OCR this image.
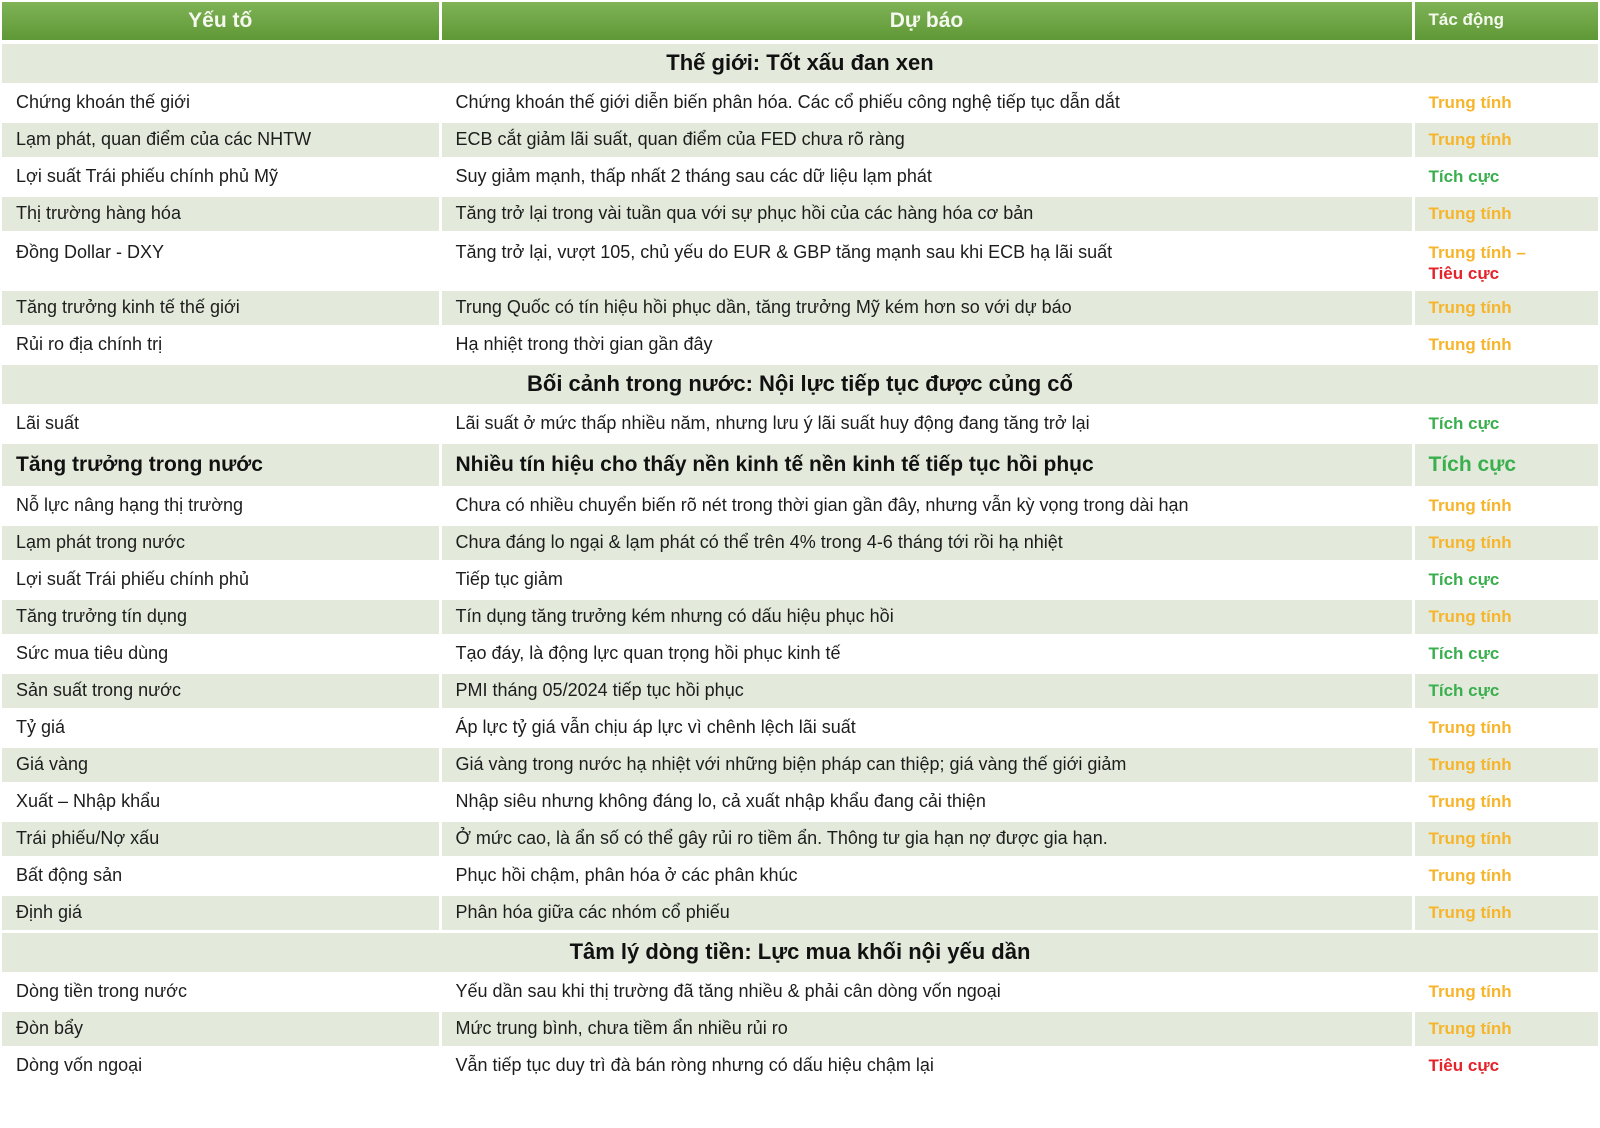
Yếu tố	Dự báo	Tác động
Thế giới: Tốt xấu đan xen		
Chứng khoán thế giới	Chứng khoán thế giới diễn biến phân hóa. Các cổ phiếu công nghệ tiếp tục dẫn dắt	Trung tính
Lạm phát, quan điểm của các NHTW	ECB cắt giảm lãi suất, quan điểm của FED chưa rõ ràng	Trung tính
Lợi suất Trái phiếu chính phủ Mỹ	Suy giảm mạnh, thấp nhất 2 tháng sau các dữ liệu lạm phát	Tích cực
Thị trường hàng hóa	Tăng trở lại trong vài tuần qua với sự phục hồi của các hàng hóa cơ bản	Trung tính
Đồng Dollar - DXY	Tăng trở lại, vượt 105, chủ yếu do EUR & GBP tăng mạnh sau khi ECB hạ lãi suất	Trung tính –
Tiêu cực
Tăng trưởng kinh tế thế giới	Trung Quốc có tín hiệu hồi phục dần, tăng trưởng Mỹ kém hơn so với dự báo	Trung tính
Rủi ro địa chính trị	Hạ nhiệt trong thời gian gần đây	Trung tính
Bối cảnh trong nước: Nội lực tiếp tục được củng cố		
Lãi suất	Lãi suất ở mức thấp nhiều năm, nhưng lưu ý lãi suất huy động đang tăng trở lại	Tích cực
Tăng trưởng trong nước	Nhiều tín hiệu cho thấy nền kinh tế nền kinh tế tiếp tục hồi phục	Tích cực
Nỗ lực nâng hạng thị trường	Chưa có nhiều chuyển biến rõ nét trong thời gian gần đây, nhưng vẫn kỳ vọng trong dài hạn	Trung tính
Lạm phát trong nước	Chưa đáng lo ngại & lạm phát có thể trên 4% trong 4-6 tháng tới rồi hạ nhiệt	Trung tính
Lợi suất Trái phiếu chính phủ	Tiếp tục giảm	Tích cực
Tăng trưởng tín dụng	Tín dụng tăng trưởng kém nhưng có dấu hiệu phục hồi	Trung tính
Sức mua tiêu dùng	Tạo đáy, là động lực quan trọng hồi phục kinh tế	Tích cực
Sản suất trong nước	PMI tháng 05/2024 tiếp tục hồi phục	Tích cực
Tỷ giá	Áp lực tỷ giá vẫn chịu áp lực vì chênh lệch lãi suất	Trung tính
Giá vàng	Giá vàng trong nước hạ nhiệt với những biện pháp can thiệp; giá vàng thế giới giảm	Trung tính
Xuất – Nhập khẩu	Nhập siêu nhưng không đáng lo, cả xuất nhập khẩu đang cải thiện	Trung tính
Trái phiếu/Nợ xấu	Ở mức cao, là ẩn số có thể gây rủi ro tiềm ẩn. Thông tư gia hạn nợ được gia hạn.	Trung tính
Bất động sản	Phục hồi chậm, phân hóa ở các phân khúc	Trung tính
Định giá	Phân hóa giữa các nhóm cổ phiếu	Trung tính
Tâm lý dòng tiền: Lực mua khối nội yếu dần		
Dòng tiền trong nước	Yếu dần sau khi thị trường đã tăng nhiều & phải cân dòng vốn ngoại	Trung tính
Đòn bẩy	Mức trung bình, chưa tiềm ẩn nhiều rủi ro	Trung tính
Dòng vốn ngoại	Vẫn tiếp tục duy trì đà bán ròng nhưng có dấu hiệu chậm lại	Tiêu cực
